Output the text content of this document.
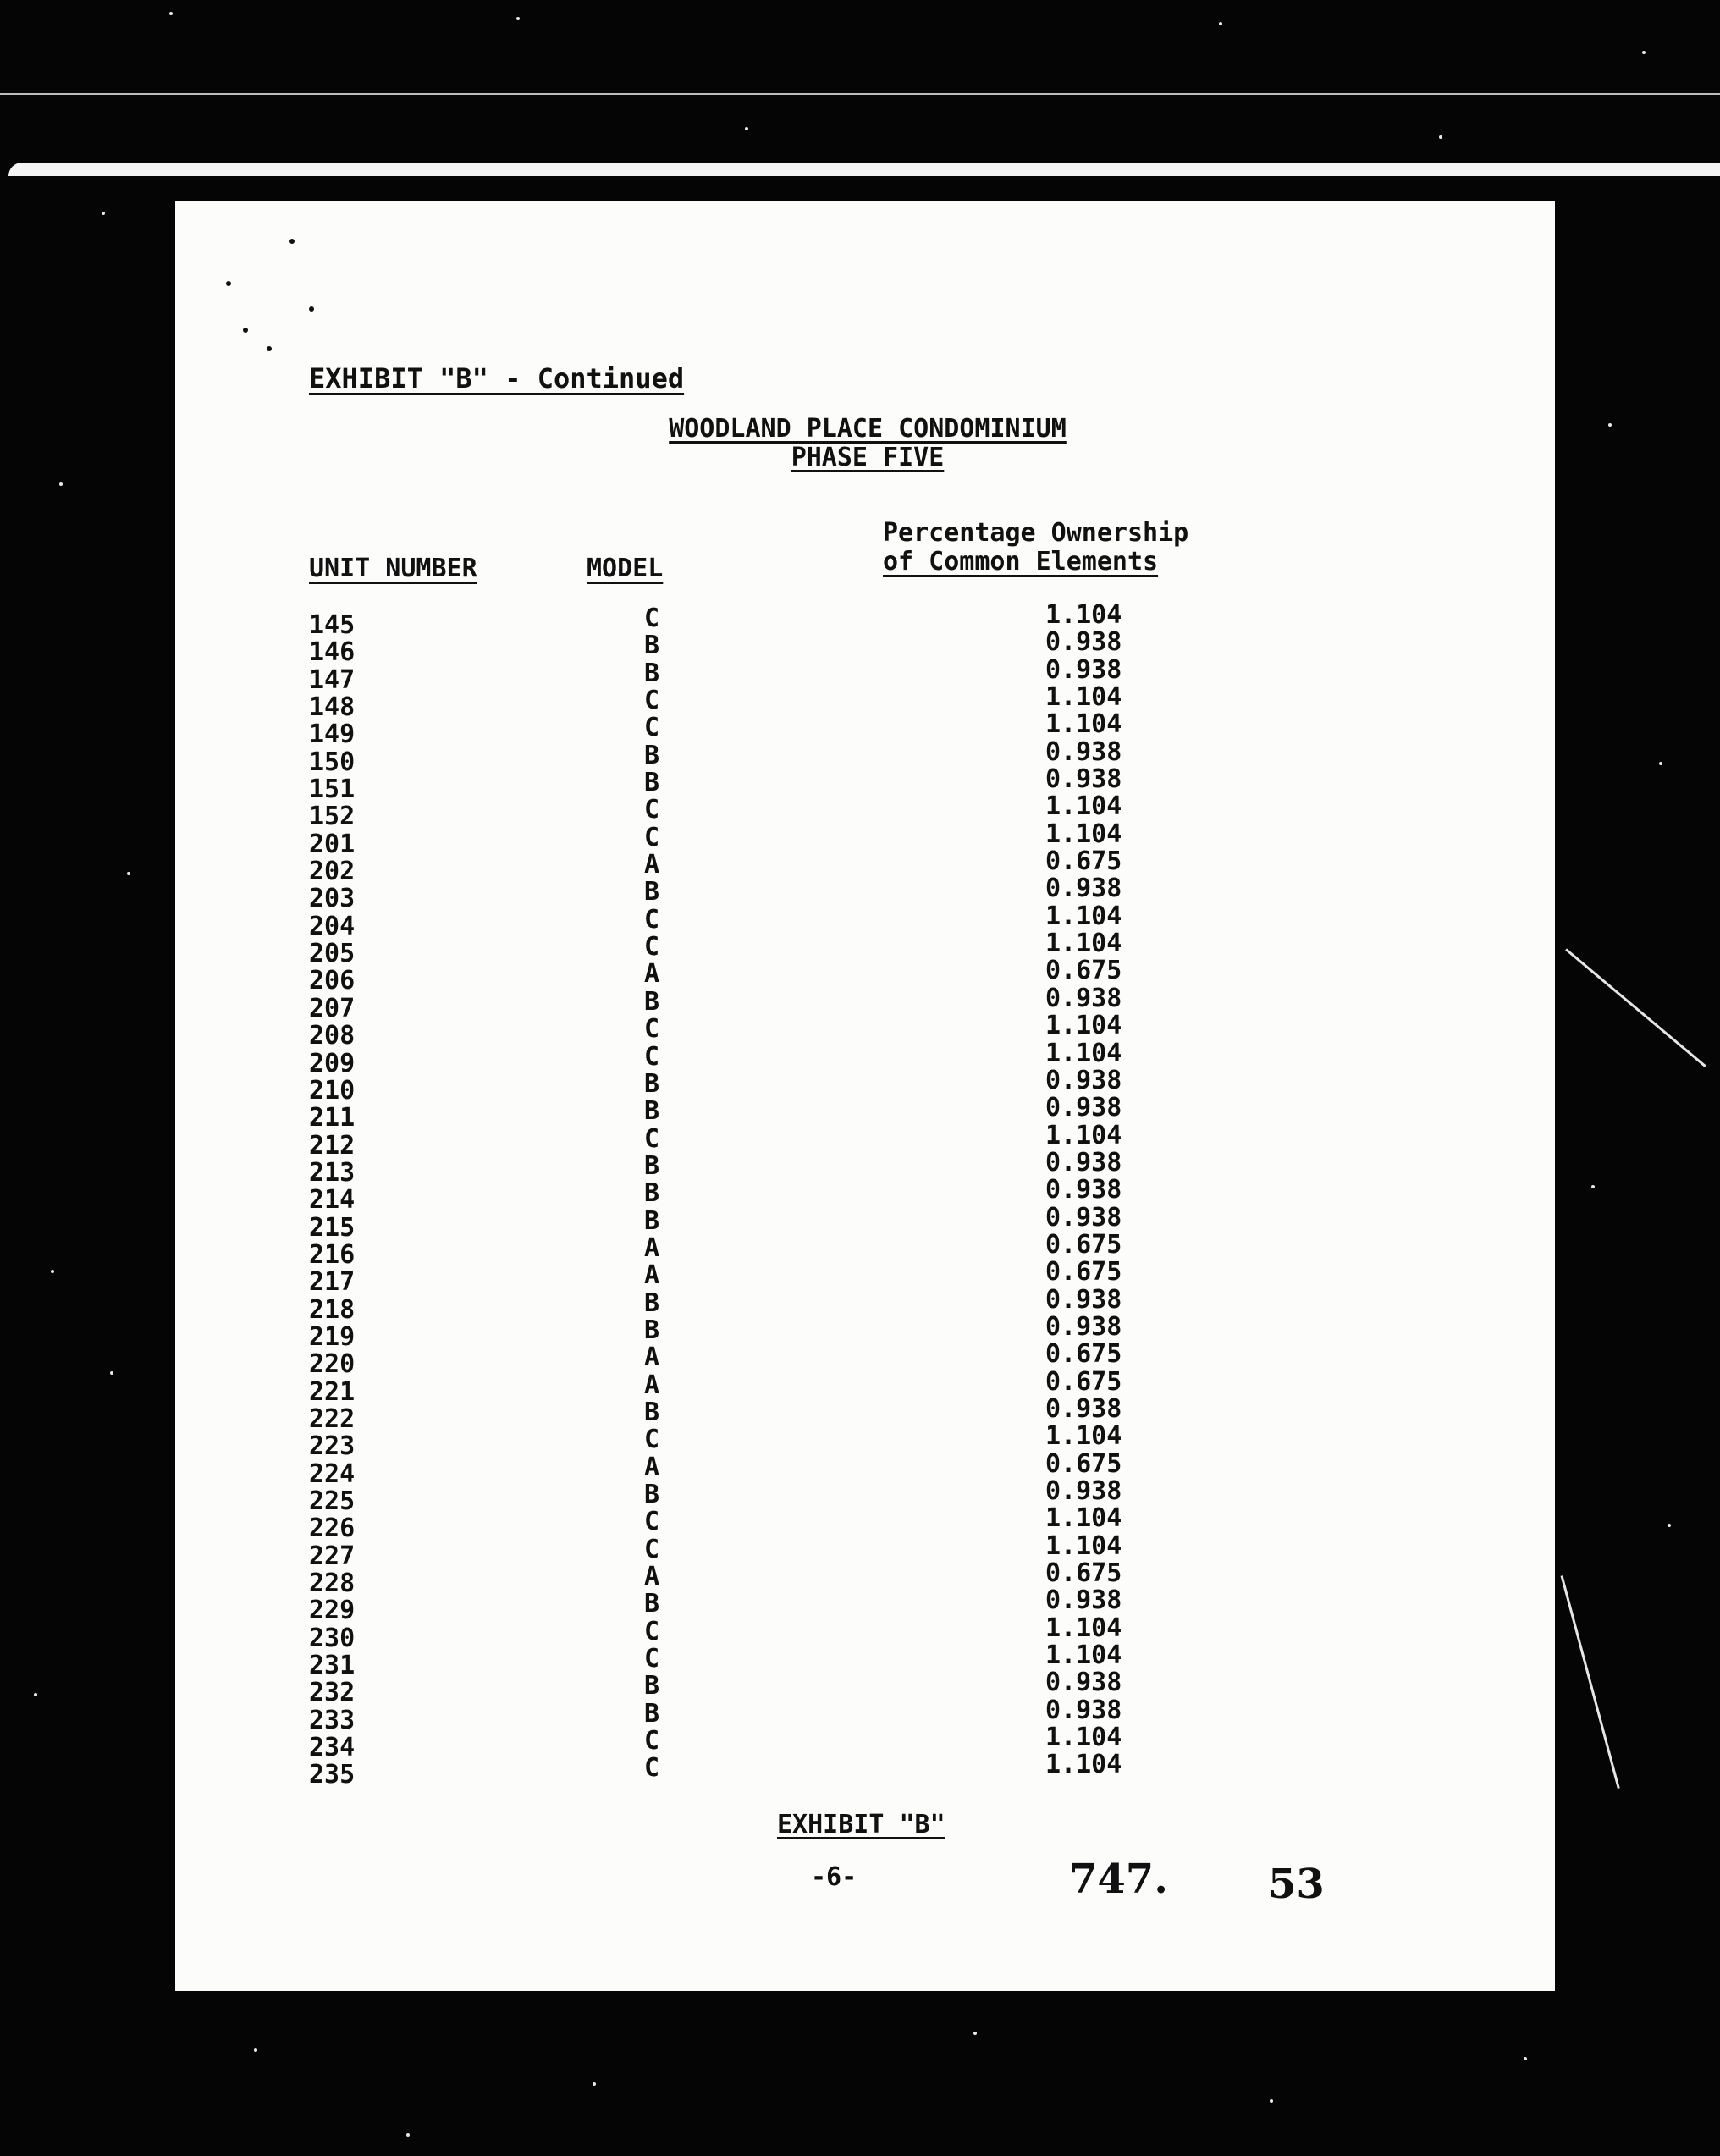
EXHIBIT "B" - Continued
WOODLAND PLACE CONDOMINIUM
PHASE FIVE
UNIT NUMBER	MODEL
Percentage Ownership
of Common Elements
145	C	1.104
146	B	0.938
147	B	0.938
148	C	1.104
149	C	1.104
150	B	0.938
151	B	0.938
152	C	1.104
201	C	1.104
202	A	0.675
203	B	0.938
204	C	1.104
205	C	1.104
206	A	0.675
207	B	0.938
208	C	1.104
209	C	1.104
210	B	0.938
211	B	0.938
212	C	1.104
213	B	0.938
214	B	0.938
215	B	0.938
216	A	0.675
217	A	0.675
218	B	0.938
219	B	0.938
220	A	0.675
221	A	0.675
222	B	0.938
223	C	1.104
224	A	0.675
225	B	0.938
226	C	1.104
227	C	1.104
228	A	0.675
229	B	0.938
230	C	1.104
231	C	1.104
232	B	0.938
233	B	0.938
234	C	1.104
235	C	1.104
EXHIBIT "B"
-6-	747. 53
